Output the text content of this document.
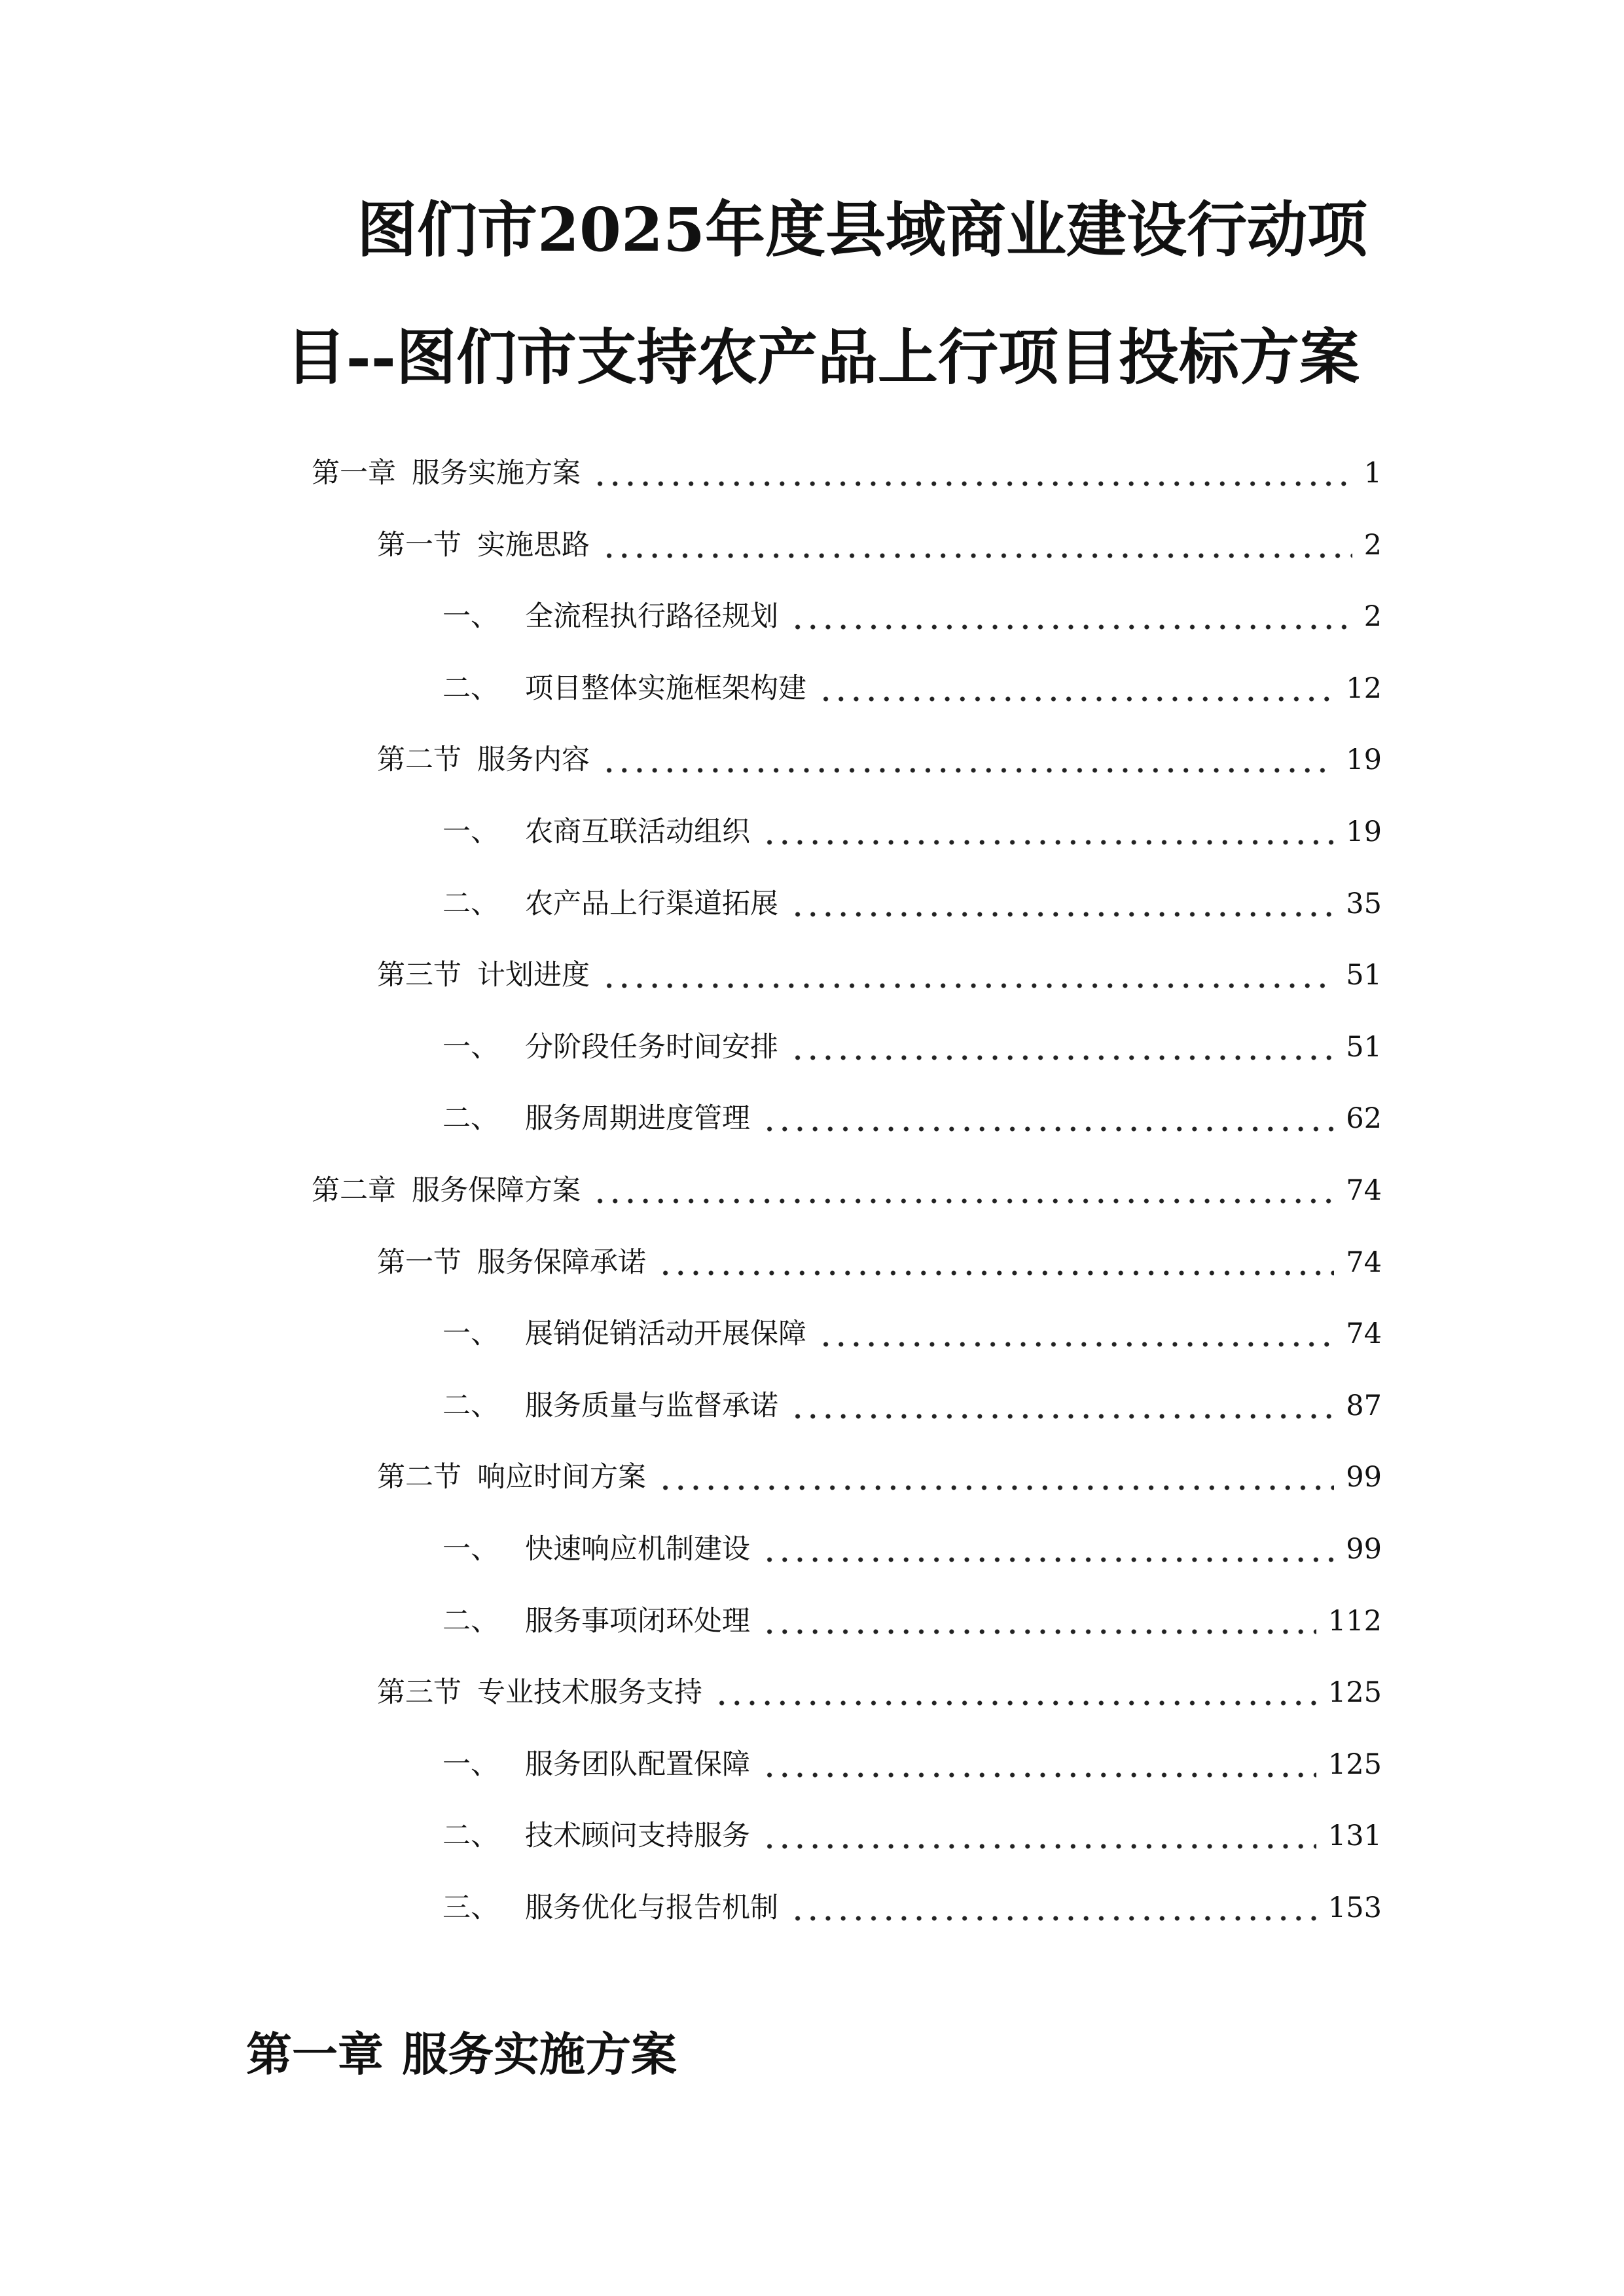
图们市2025年度县域商业建设行动项
目--图们市支持农产品上行项目投标方案
第一章 服务实施方案	1
第一节 实施思路	2
一、 全流程执行路径规划	2
二、 项目整体实施框架构建	12
第二节 服务内容	19
一、 农商互联活动组织	19
二、 农产品上行渠道拓展	35
第三节 计划进度	51
一、 分阶段任务时间安排	51
二、 服务周期进度管理	62
第二章 服务保障方案	74
第一节 服务保障承诺	74
一、 展销促销活动开展保障	74
二、 服务质量与监督承诺	87
第二节 响应时间方案	99
一、 快速响应机制建设	99
二、 服务事项闭环处理	112
第三节 专业技术服务支持	125
一、 服务团队配置保障	125
二、 技术顾问支持服务	131
三、 服务优化与报告机制	153
第一章 服务实施方案
